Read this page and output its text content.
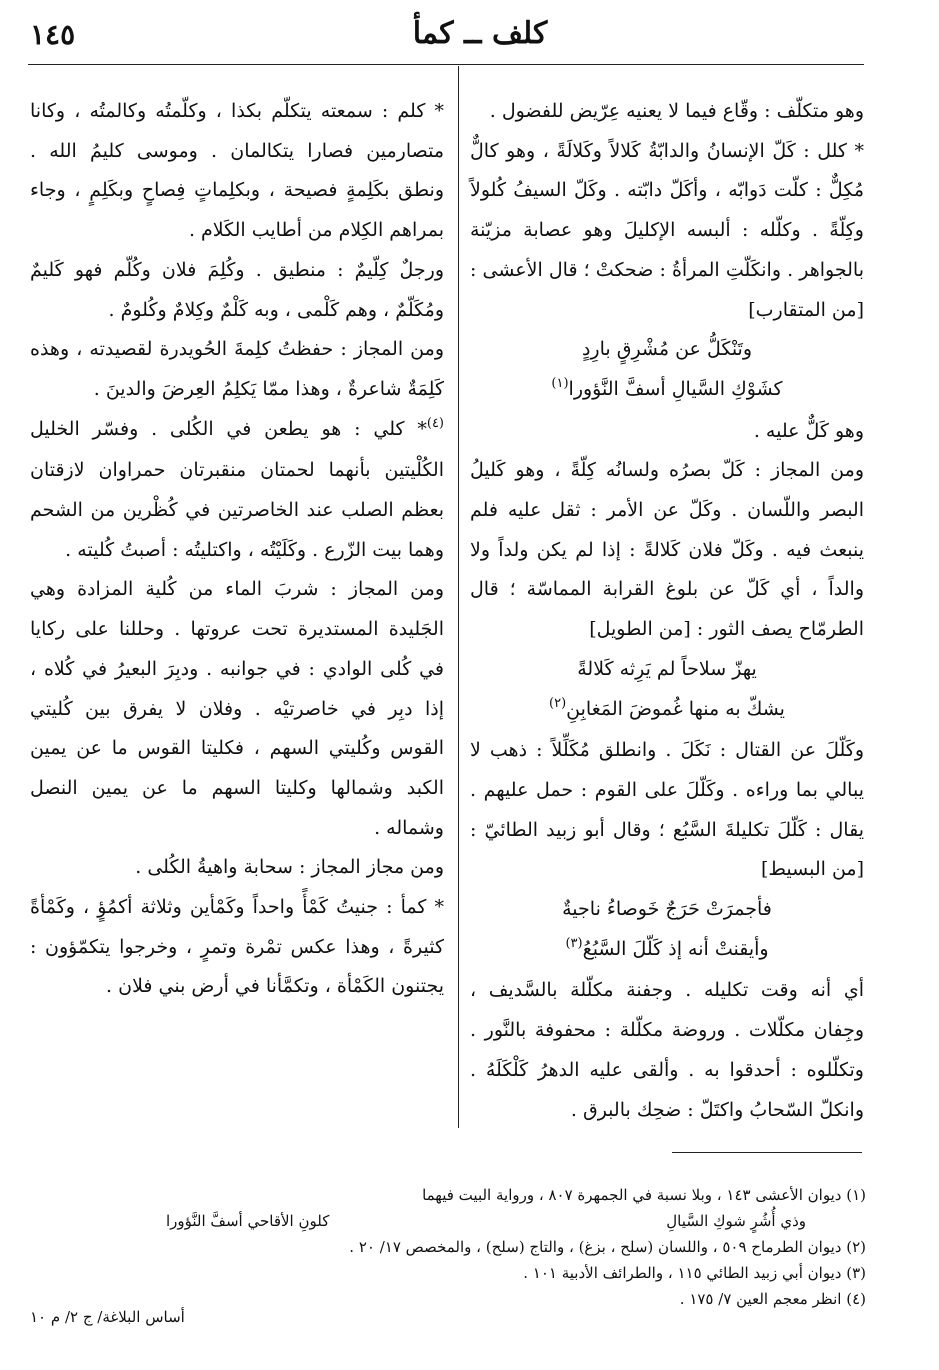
١٤٥	كلف ــ كمأ

وهو متكلّف : وقّاع فيما لا يعنيه عِرّيض للفضول .

* كلل : كَلّ الإنسانُ والدابّةُ كَلالاً وكَلالَةً ، وهو كالٌّ مُكِلٌّ : كلّت دَوابّه ، وأكَلّ دابّته . وكَلّ السيفُ كُلولاً وكِلّةً . وكلّله : ألبسه الإكليلَ وهو عصابة مزيّنة بالجواهر . وانكَلّتِ المرأةُ : ضحكتْ ؛ قال الأعشى : [من المتقارب]

وتَنْكَلُّ عن مُشْرِقٍ بارِدٍ
كشَوْكِ السَّيالِ أسفَّ النَّؤورا$^{(١)}$

وهو كَلٌّ عليه .

ومن المجاز : كَلّ بصرُه ولسانُه كِلّةً ، وهو كَليلُ البصر واللّسان . وكَلّ عن الأمر : ثقل عليه فلم ينبعث فيه . وكَلّ فلان كَلالةً : إذا لم يكن ولداً ولا والداً ، أي كَلّ عن بلوغ القرابة المماسّة ؛ قال الطرمّاح يصف الثور : [من الطويل]

يهزّ سلاحاً لم يَرِثه كَلالةً
يشكّ به منها غُموضَ المَغابِنِ$^{(٢)}$

وكَلّلَ عن القتال : نَكَلَ . وانطلق مُكَلِّلاً : ذهب لا يبالي بما وراءه . وكَلّلَ على القوم : حمل عليهم . يقال : كَلّلَ تكليلةَ السَّبُع ؛ وقال أبو زبيد الطائيّ : [من البسيط]

فأجمرَتْ حَرَجٌ خَوصاءُ ناجيةٌ
وأيقنتْ أنه إذ كَلّلَ السَّبُعُ$^{(٣)}$

أي أنه وقت تكليله . وجفنة مكلّلة بالسَّديف ، وجِفان مكلّلات . وروضة مكلّلة : محفوفة بالنَّور . وتكلّلوه : أحدقوا به . وألقى عليه الدهرُ كَلْكَلَهُ . وانكلّ السّحابُ واكتَلّ : ضحِك بالبرق .

* كلم : سمعته يتكلّم بكذا ، وكلّمتُه وكالمتُه ، وكانا متصارمين فصارا يتكالمان . وموسى كليمُ الله . ونطق بكَلِمةٍ فصيحة ، وبكلِماتٍ فِصاحٍ وبكَلِمٍ ، وجاء بمراهم الكِلام من أطايب الكَلام .

ورجلٌ كِلّيمٌ : منطيق . وكُلِمَ فلان وكُلّم فهو كَليمٌ ومُكَلّمٌ ، وهم كَلْمى ، وبه كَلْمٌ وكِلامٌ وكُلومٌ .

ومن المجاز : حفظتُ كلِمةَ الحُويدرة لقصيدته ، وهذه كَلِمَةٌ شاعرةٌ ، وهذا ممّا يَكلِمُ العِرضَ والدينَ .

$^{(٤)}$* كلي : هو يطعن في الكُلى . وفسّر الخليل الكُلْيتين بأنهما لحمتان منقبرتان حمراوان لازقتان بعظم الصلب عند الخاصرتين في كُظْرين من الشحم وهما بيت الزّرع . وكَلَيْتُه ، واكتليتُه : أصبتُ كُليته .

ومن المجاز : شربَ الماء من كُلية المزادة وهي الجَليدة المستديرة تحت عروتها . وحللنا على ركايا في كُلى الوادي : في جوانبه . ودبِرَ البعيرُ في كُلاه ، إذا دبِر في خاصرتيْه . وفلان لا يفرق بين كُليتي القوس وكُليتي السهم ، فكليتا القوس ما عن يمين الكبد وشمالها وكليتا السهم ما عن يمين النصل وشماله .

ومن مجاز المجاز : سحابة واهيةُ الكُلى .

* كمأ : جنيتُ كَمْأً واحداً وكَمْأين وثلاثة أكمُؤٍ ، وكَمْأةً كثيرةً ، وهذا عكس تمْرة وتمرٍ ، وخرجوا يتكمّؤون : يجتنون الكَمْأة ، وتكمَّأنا في أرض بني فلان .

(١) ديوان الأعشى ١٤٣ ، وبلا نسبة في الجمهرة ٨٠٧ ، ورواية البيت فيهما

وذي أُشُرٍ شوكِ السَّيالِ
كلونِ الأقاحي أسفَّ النَّؤورا

(٢) ديوان الطرماح ٥٠٩ ، واللسان (سلح ، بزغ) ، والتاج (سلح) ، والمخصص ١٧/ ٢٠ .

(٣) ديوان أبي زبيد الطائي ١١٥ ، والطرائف الأدبية ١٠١ .

(٤) انظر معجم العين ٧/ ١٧٥ .

أساس البلاغة/ ج ٢/ م ١٠
